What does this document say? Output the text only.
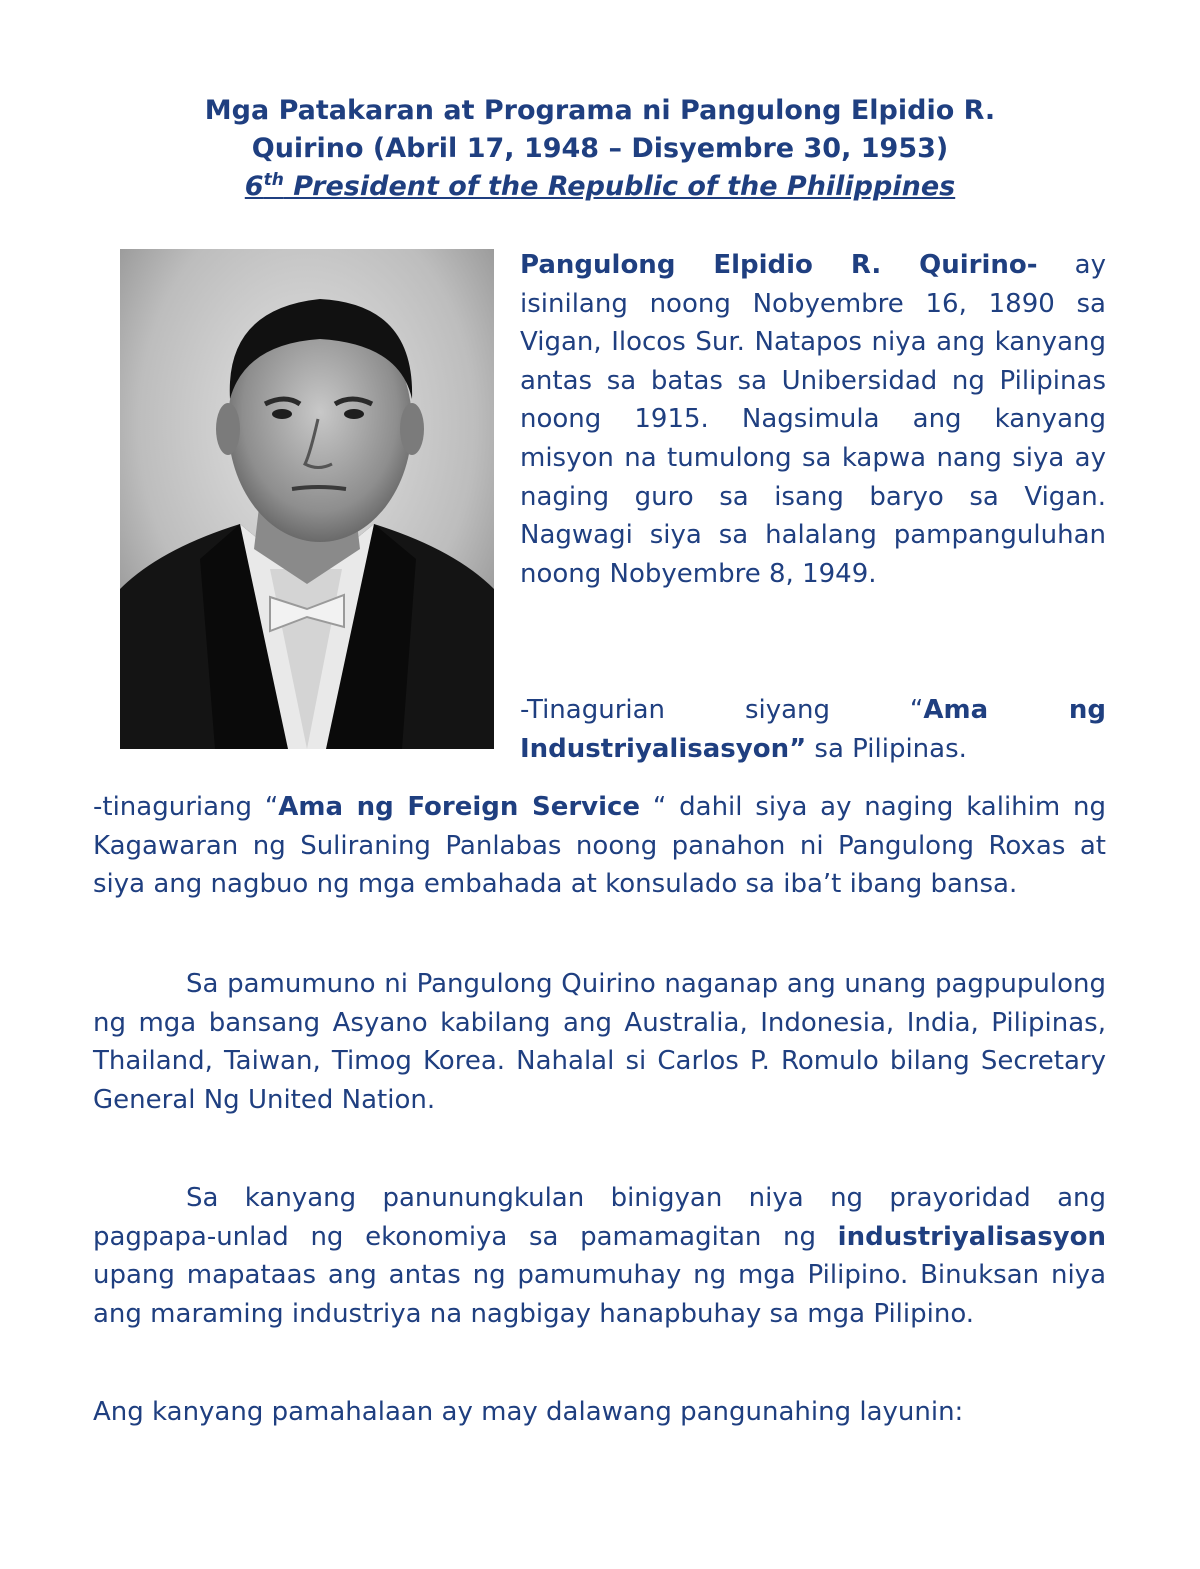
Mga Patakaran at Programa ni Pangulong Elpidio R.
Quirino (Abril 17, 1948 – Disyembre 30, 1953)
6th President of the Republic of the Philippines

Pangulong Elpidio R. Quirino- ay isinilang noong Nobyembre 16, 1890 sa Vigan, Ilocos Sur. Natapos niya ang kanyang antas sa batas sa Unibersidad ng Pilipinas noong 1915. Nagsimula ang kanyang misyon na tumulong sa kapwa nang siya ay naging guro sa isang baryo sa Vigan. Nagwagi siya sa halalang pampanguluhan noong Nobyembre 8, 1949.

-Tinagurian siyang “Ama ng Industriyalisasyon” sa Pilipinas.

-tinaguriang “Ama ng Foreign Service “ dahil siya ay naging kalihim ng Kagawaran ng Suliraning Panlabas noong panahon ni Pangulong Roxas at siya ang nagbuo ng mga embahada at konsulado sa iba’t ibang bansa.

Sa pamumuno ni Pangulong Quirino naganap ang unang pagpupulong ng mga bansang Asyano kabilang ang Australia, Indonesia, India, Pilipinas, Thailand, Taiwan, Timog Korea. Nahalal si Carlos P. Romulo bilang Secretary General Ng United Nation.

Sa kanyang panunungkulan binigyan niya ng prayoridad ang pagpapa-unlad ng ekonomiya sa pamamagitan ng industriyalisasyon upang mapataas ang antas ng pamumuhay ng mga Pilipino. Binuksan niya ang maraming industriya na nagbigay hanapbuhay sa mga Pilipino.

Ang kanyang pamahalaan ay may dalawang pangunahing layunin:
